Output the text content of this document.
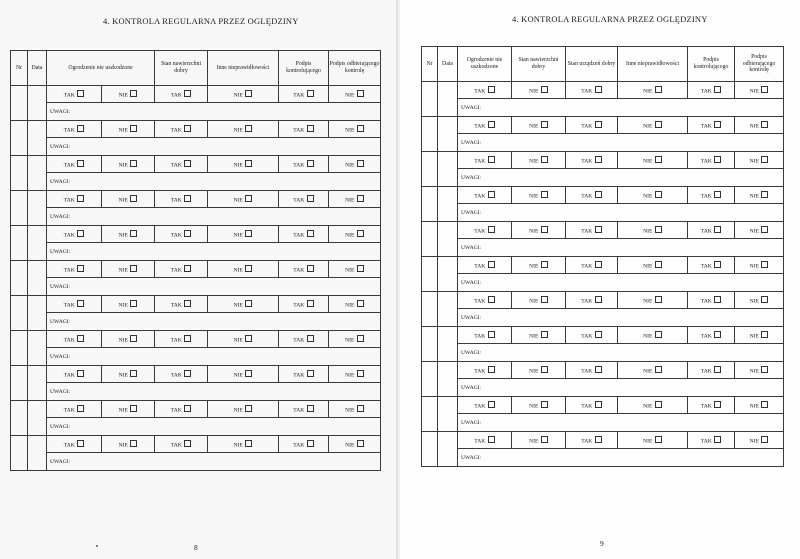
4. KONTROLA REGULARNA PRZEZ OGLĘDZINY
Nr	Data	Ogrodzenie nie uszkodzone		Stan nawierzchni dobry	Inne nieprawidłowości	Podpis kontrolującego	Podpis odbierającego kontrolę	
		TAK	NIE	TAK	NIE	TAK	NIE		
		UWAGI:						
		TAK	NIE	TAK	NIE	TAK	NIE		
		UWAGI:						
		TAK	NIE	TAK	NIE	TAK	NIE		
		UWAGI:						
		TAK	NIE	TAK	NIE	TAK	NIE		
		UWAGI:						
		TAK	NIE	TAK	NIE	TAK	NIE		
		UWAGI:						
		TAK	NIE	TAK	NIE	TAK	NIE		
		UWAGI:						
		TAK	NIE	TAK	NIE	TAK	NIE		
		UWAGI:						
		TAK	NIE	TAK	NIE	TAK	NIE		
		UWAGI:						
		TAK	NIE	TAK	NIE	TAK	NIE		
		UWAGI:						
		TAK	NIE	TAK	NIE	TAK	NIE		
		UWAGI:						
		TAK	NIE	TAK	NIE	TAK	NIE		
		UWAGI:						
8
4. KONTROLA REGULARNA PRZEZ OGLĘDZINY
Nr	Data	Ogrodzenie nie uszkodzone	Stan nawierzchni dobry	Stan urządzeń dobry	Inne nieprawidłowości	Podpis kontrolującego	Podpis odbierającego kontrolę	
		TAK	NIE	TAK	NIE	TAK	NIE		
		UWAGI:						
		TAK	NIE	TAK	NIE	TAK	NIE		
		UWAGI:						
		TAK	NIE	TAK	NIE	TAK	NIE		
		UWAGI:						
		TAK	NIE	TAK	NIE	TAK	NIE		
		UWAGI:						
		TAK	NIE	TAK	NIE	TAK	NIE		
		UWAGI:						
		TAK	NIE	TAK	NIE	TAK	NIE		
		UWAGI:						
		TAK	NIE	TAK	NIE	TAK	NIE		
		UWAGI:						
		TAK	NIE	TAK	NIE	TAK	NIE		
		UWAGI:						
		TAK	NIE	TAK	NIE	TAK	NIE		
		UWAGI:						
		TAK	NIE	TAK	NIE	TAK	NIE		
		UWAGI:						
		TAK	NIE	TAK	NIE	TAK	NIE		
		UWAGI:						
9
